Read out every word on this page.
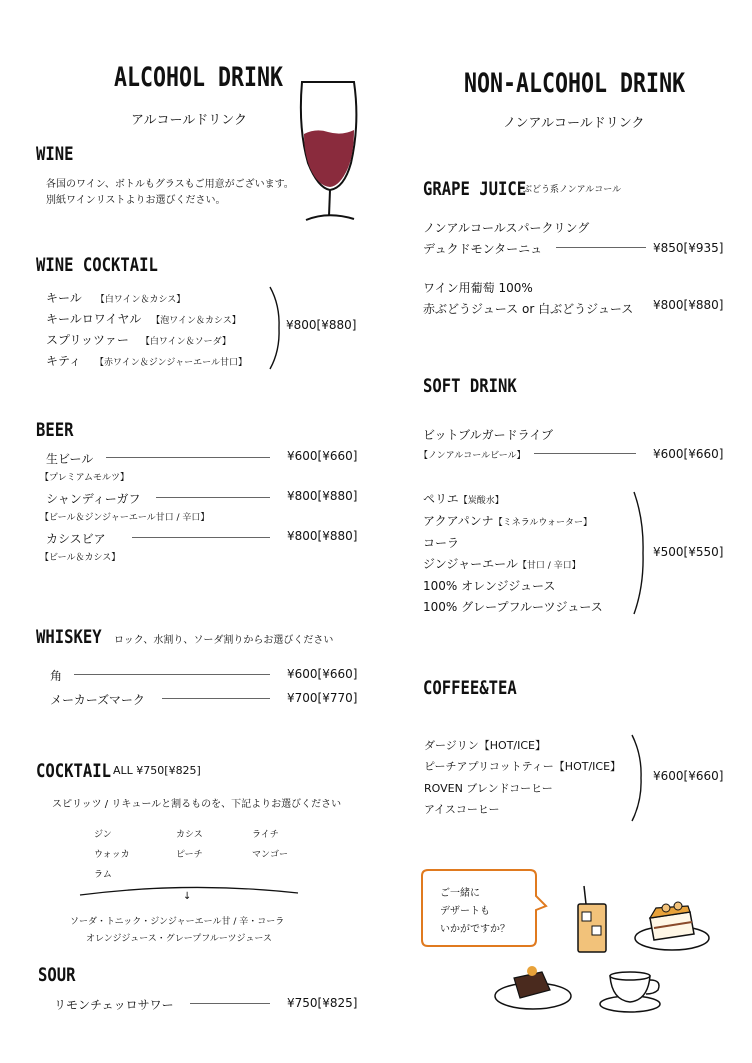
ALCOHOL DRINK
アルコールドリンク
WINE
各国のワイン、ボトルもグラスもご用意がございます。
別紙ワインリストよりお選びください。
WINE COCKTAIL
キール 【白ワイン＆カシス】
キールロワイヤル 【泡ワイン＆カシス】
スプリッツァー 【白ワイン＆ソーダ】
キティ 【赤ワイン＆ジンジャーエール甘口】
¥800[¥880]
BEER
生ビール	¥600[¥660]
【プレミアムモルツ】
シャンディーガフ	¥800[¥880]
【ビール＆ジンジャーエール甘口 / 辛口】
カシスビア	¥800[¥880]
【ビール＆カシス】
WHISKEY ロック、水割り、ソーダ割りからお選びください
角	¥600[¥660]
メーカーズマーク	¥700[¥770]
COCKTAIL ALL ¥750[¥825]
スピリッツ / リキュールと割るものを、下記よりお選びください
ジン
ウォッカ
ラム
カシス
ピーチ
ライチ
マンゴー
↓
ソーダ・トニック・ジンジャーエール甘 / 辛・コーラ
オレンジジュース・グレープフルーツジュース
SOUR
リモンチェッロサワー	¥750[¥825]
NON-ALCOHOL DRINK
ノンアルコールドリンク
GRAPE JUICE
ぶどう系ノンアルコール
ノンアルコールスパークリング
デュクドモンターニュ	¥850[¥935]
ワイン用葡萄 100%
赤ぶどうジュース or 白ぶどうジュース ¥800[¥880]
SOFT DRINK
ビットブルガードライブ
【ノンアルコールビール】	¥600[¥660]
ペリエ【炭酸水】
アクアパンナ【ミネラルウォーター】
コーラ
ジンジャーエール【甘口 / 辛口】
100% オレンジジュース
100% グレープフルーツジュース
¥500[¥550]
COFFEE&TEA
ダージリン【HOT/ICE】
ピーチアプリコットティー【HOT/ICE】
ROVEN ブレンドコーヒー
アイスコーヒー
¥600[¥660]
ご一緒に
デザートも
いかがですか？
